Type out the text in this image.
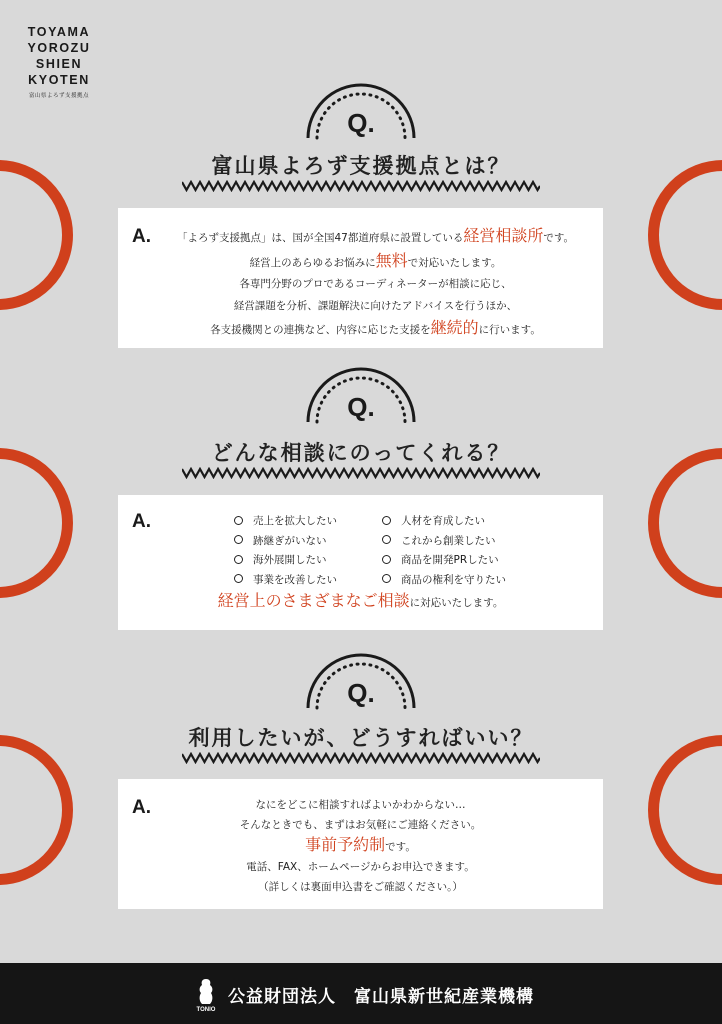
TOYAMA
YOROZU
SHIEN
KYOTEN
富山県よろず支援拠点
Q.
富山県よろず支援拠点とは？
A.	「よろず支援拠点」は、国が全国47都道府県に設置している経営相談所です。
経営上のあらゆるお悩みに無料で対応いたします。
各専門分野のプロであるコーディネーターが相談に応じ、
経営課題を分析、課題解決に向けたアドバイスを行うほか、
各支援機関との連携など、内容に応じた支援を継続的に行います。
Q.
どんな相談にのってくれる？
A.	売上を拡大したい	人材を育成したい
跡継ぎがいない	これから創業したい
海外展開したい	商品を開発PRしたい
事業を改善したい	商品の権利を守りたい
経営上のさまざまなご相談に対応いたします。
Q.
利用したいが、どうすればいい？
A.	なにをどこに相談すればよいかわからない…
そんなときでも、まずはお気軽にご連絡ください。
事前予約制です。
電話、FAX、ホームページからお申込できます。
（詳しくは裏面申込書をご確認ください。）
TONIO
公益財団法人　富山県新世紀産業機構
